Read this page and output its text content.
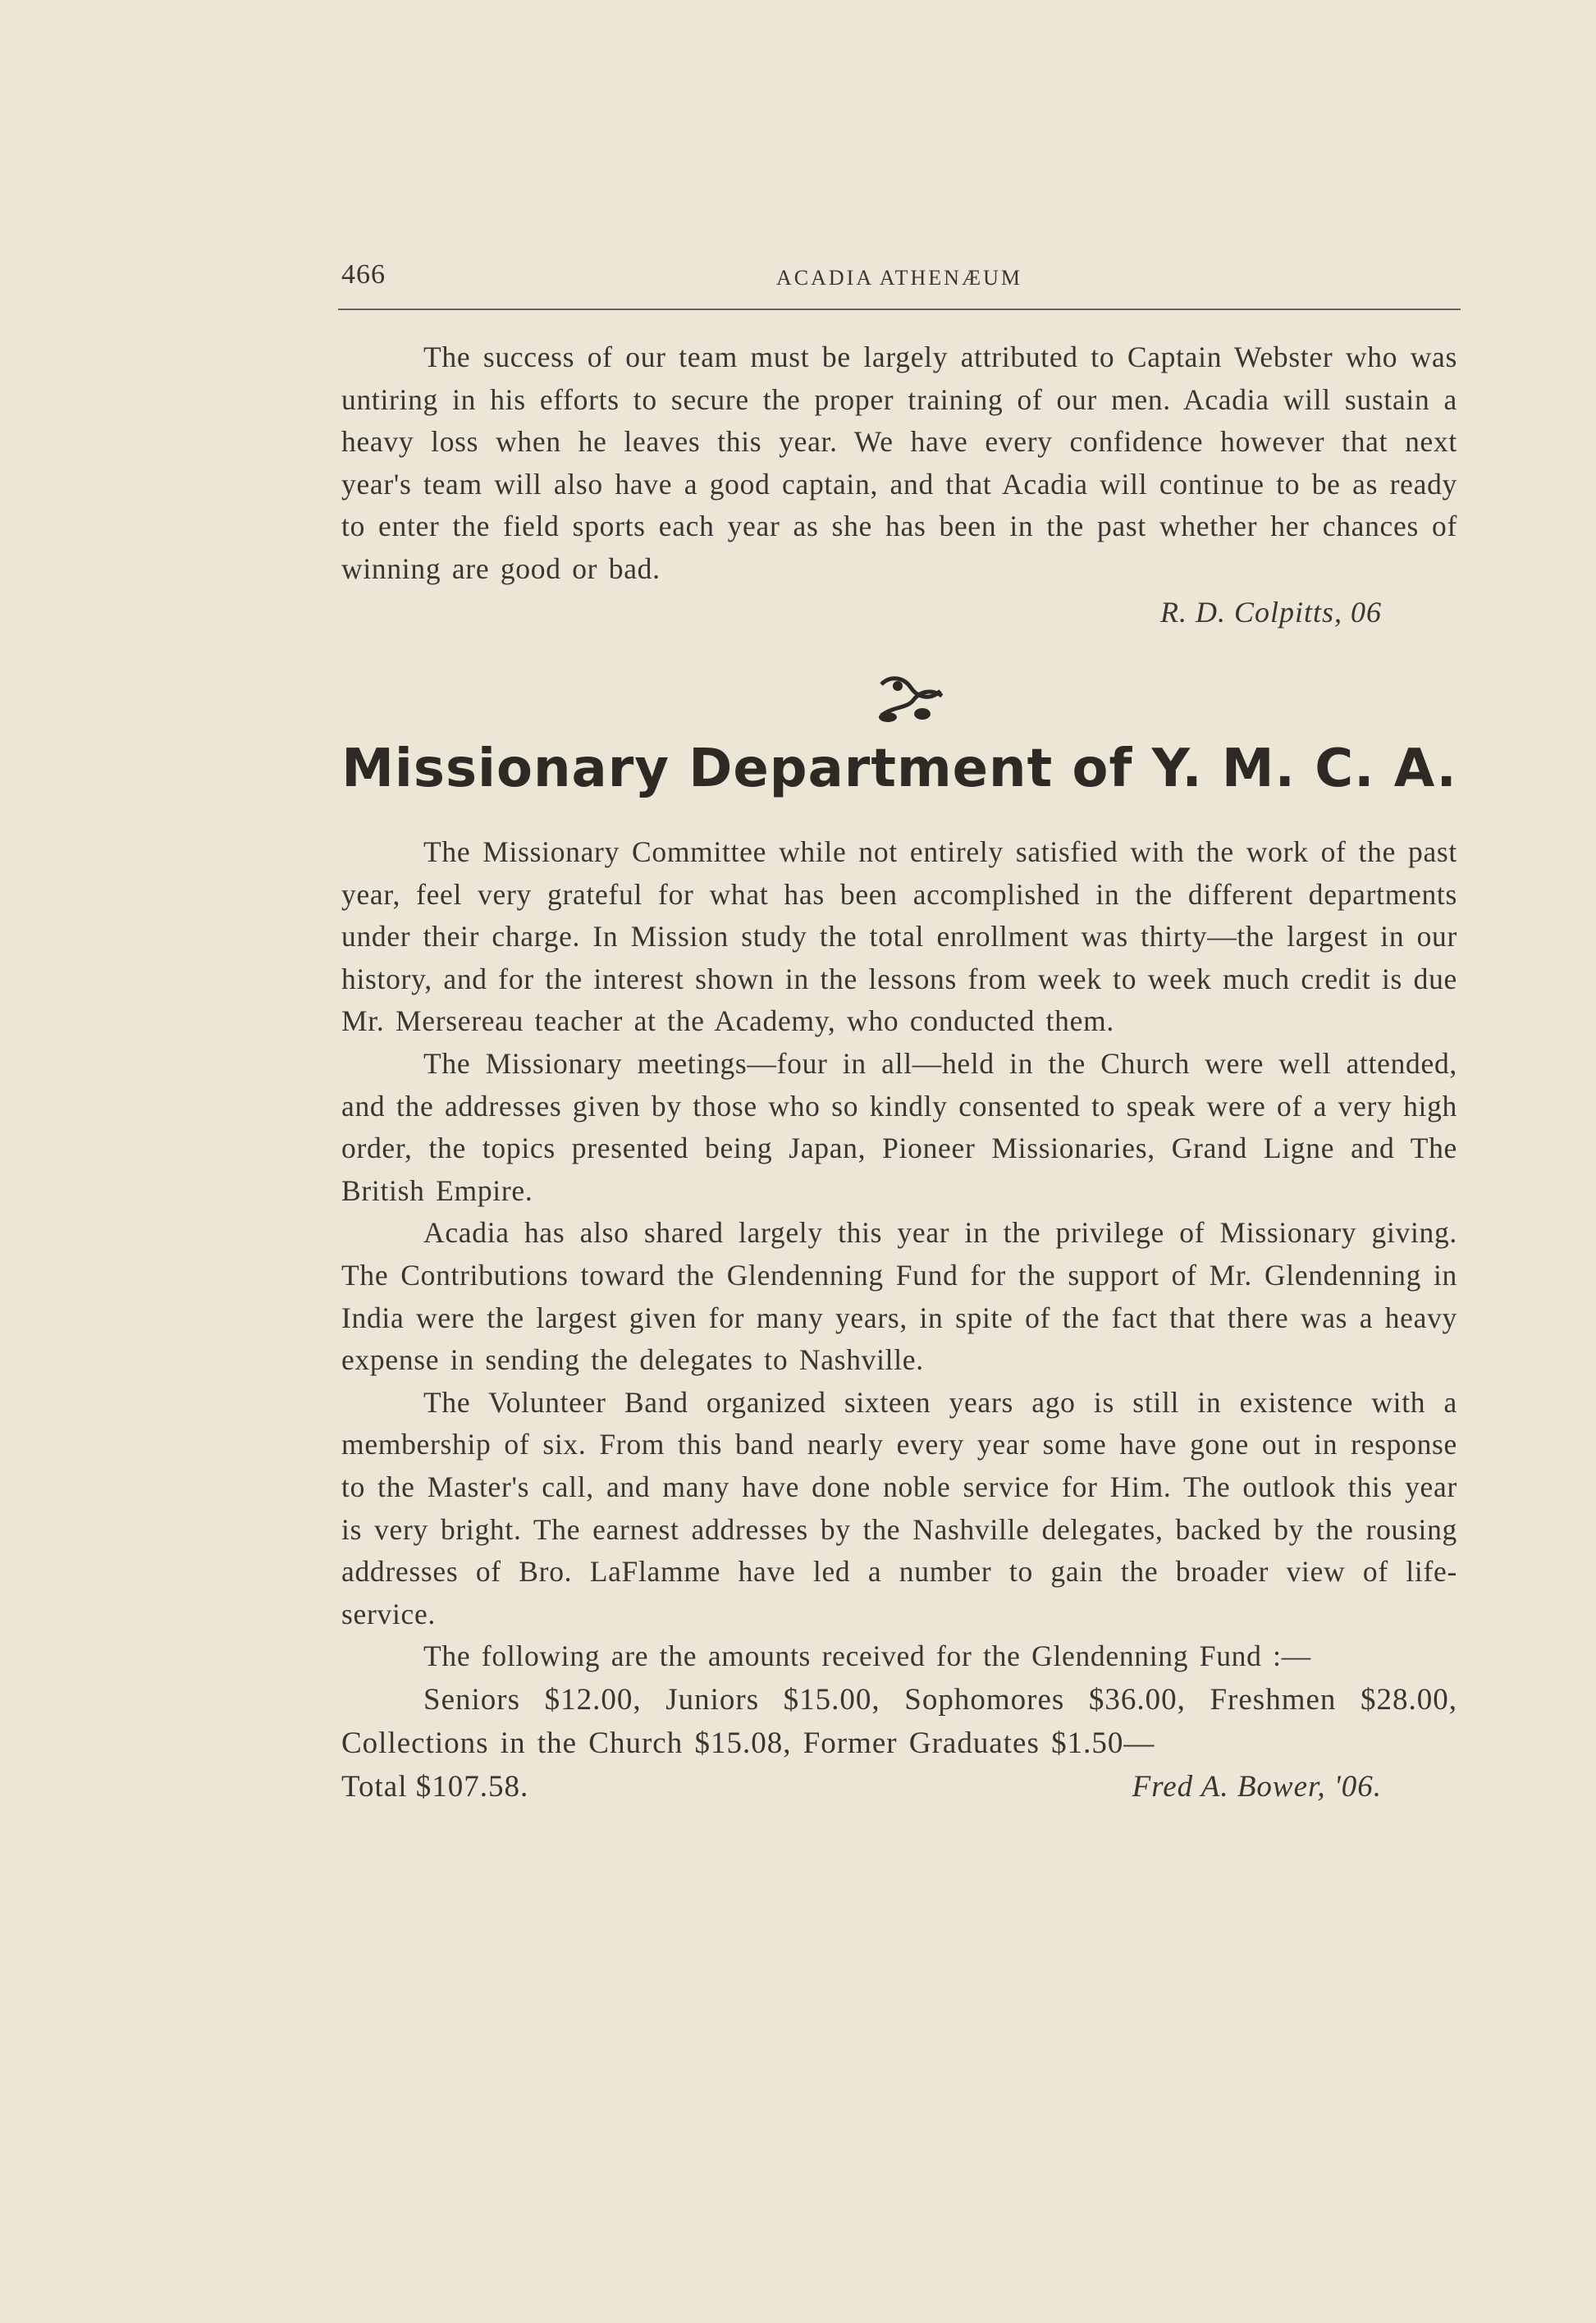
466	ACADIA ATHENÆUM

The success of our team must be largely attributed to Captain Webster who was untiring in his efforts to secure the proper training of our men. Acadia will sustain a heavy loss when he leaves this year. We have every confidence however that next year's team will also have a good captain, and that Acadia will continue to be as ready to enter the field sports each year as she has been in the past whether her chances of winning are good or bad.

R. D. Colpitts, 06

Missionary Department of Y. M. C. A.

The Missionary Committee while not entirely satisfied with the work of the past year, feel very grateful for what has been accomplished in the different departments under their charge. In Mission study the total enrollment was thirty—the largest in our history, and for the interest shown in the lessons from week to week much credit is due Mr. Mersereau teacher at the Academy, who conducted them.

The Missionary meetings—four in all—held in the Church were well attended, and the addresses given by those who so kindly consented to speak were of a very high order, the topics presented being Japan, Pioneer Missionaries, Grand Ligne and The British Empire.

Acadia has also shared largely this year in the privilege of Missionary giving. The Contributions toward the Glendenning Fund for the support of Mr. Glendenning in India were the largest given for many years, in spite of the fact that there was a heavy expense in sending the delegates to Nashville.

The Volunteer Band organized sixteen years ago is still in existence with a membership of six. From this band nearly every year some have gone out in response to the Master's call, and many have done noble service for Him. The outlook this year is very bright. The earnest addresses by the Nashville delegates, backed by the rousing addresses of Bro. LaFlamme have led a number to gain the broader view of life-service.

The following are the amounts received for the Glendenning Fund :—

Seniors $12.00, Juniors $15.00, Sophomores $36.00, Freshmen $28.00, Collections in the Church $15.08, Former Graduates $1.50—

Total $107.58.	Fred A. Bower, '06.
